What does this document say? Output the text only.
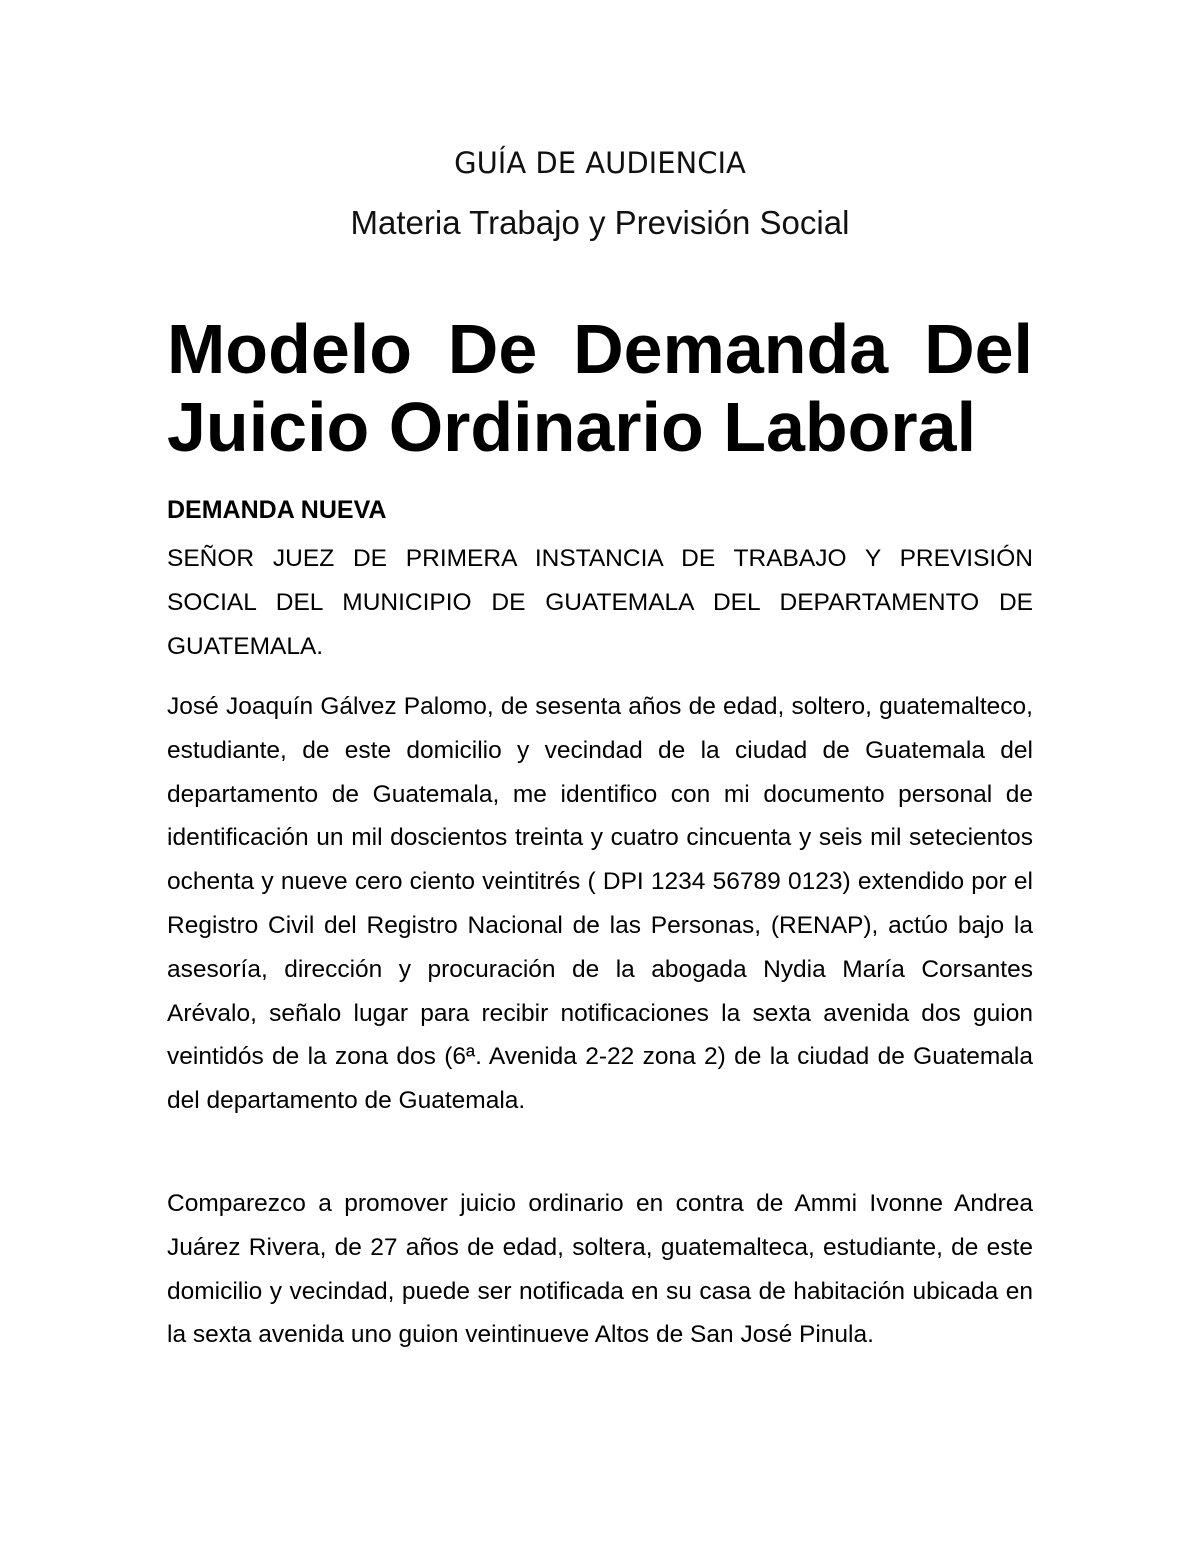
GUÍA DE AUDIENCIA
Materia Trabajo y Previsión Social
Modelo De Demanda Del
Juicio Ordinario Laboral
DEMANDA NUEVA

SEÑOR JUEZ DE PRIMERA INSTANCIA DE TRABAJO Y PREVISIÓN SOCIAL DEL MUNICIPIO DE GUATEMALA DEL DEPARTAMENTO DE GUATEMALA.

José Joaquín Gálvez Palomo, de sesenta años de edad, soltero, guatemalteco, estudiante, de este domicilio y vecindad de la ciudad de Guatemala del departamento de Guatemala, me identifico con mi documento personal de identificación un mil doscientos treinta y cuatro cincuenta y seis mil setecientos ochenta y nueve cero ciento veintitrés ( DPI 1234 56789 0123) extendido por el Registro Civil del Registro Nacional de las Personas, (RENAP), actúo bajo la asesoría, dirección y procuración de la abogada Nydia María Corsantes Arévalo, señalo lugar para recibir notificaciones la sexta avenida dos guion veintidós de la zona dos (6ª. Avenida 2-22 zona 2) de la ciudad de Guatemala del departamento de Guatemala.

Comparezco a promover juicio ordinario en contra de Ammi Ivonne Andrea Juárez Rivera, de 27 años de edad, soltera, guatemalteca, estudiante, de este domicilio y vecindad, puede ser notificada en su casa de habitación ubicada en la sexta avenida uno guion veintinueve Altos de San José Pinula.
